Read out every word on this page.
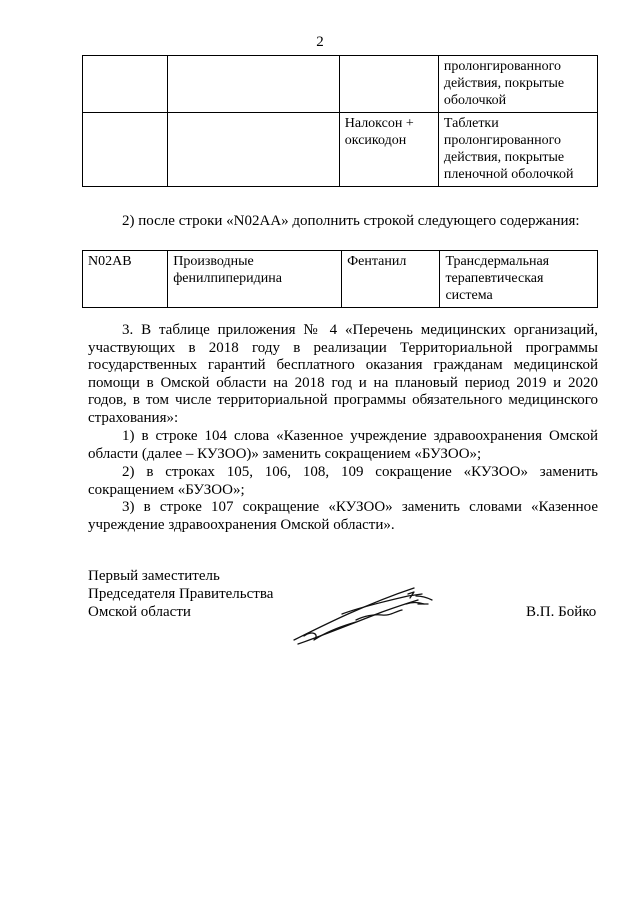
2
			пролонгированного действия, покрытые оболочкой
		Налоксон + оксикодон	Таблетки пролонгированного действия, покрытые пленочной оболочкой
2) после строки «N02АА» дополнить строкой следующего содержания:
N02AB	Производные фенилпиперидина	Фентанил	Трансдермальная терапевтическая система
3. В таблице приложения № 4 «Перечень медицинских организаций, участвующих в 2018 году в реализации Территориальной программы государственных гарантий бесплатного оказания гражданам медицинской помощи в Омской области на 2018 год и на плановый период 2019 и 2020 годов, в том числе территориальной программы обязательного медицинского страхования»:
1) в строке 104 слова «Казенное учреждение здравоохранения Омской области (далее – КУЗОО)» заменить сокращением «БУЗОО»;
2) в строках 105, 106, 108, 109 сокращение «КУЗОО» заменить сокращением «БУЗОО»;
3) в строке 107 сокращение «КУЗОО» заменить словами «Казенное учреждение здравоохранения Омской области».
Первый заместитель
Председателя Правительства
Омской области	В.П. Бойко
